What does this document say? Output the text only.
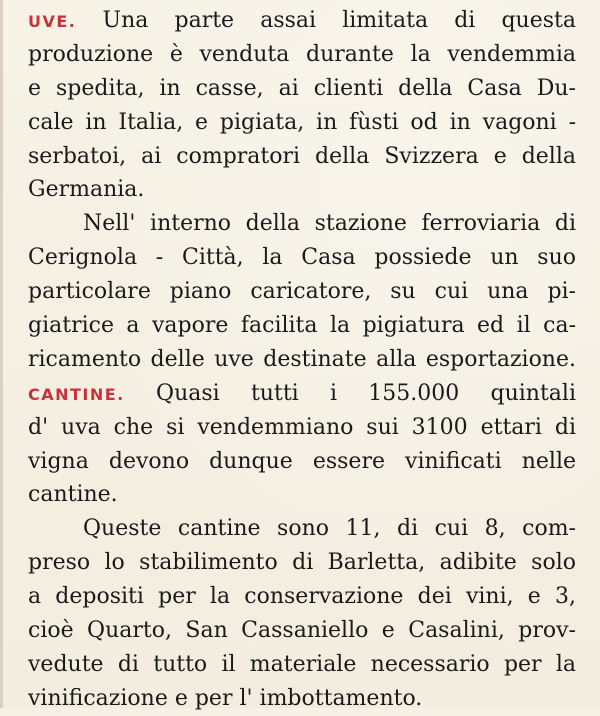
UVE. Una parte assai limitata di questa
produzione è venduta durante la vendemmia
e spedita, in casse, ai clienti della Casa Du-
cale in Italia, e pigiata, in fùsti od in vagoni -
serbatoi, ai compratori della Svizzera e della
Germania.
Nell' interno della stazione ferroviaria di
Cerignola - Città, la Casa possiede un suo
particolare piano caricatore, su cui una pi-
giatrice a vapore facilita la pigiatura ed il ca-
ricamento delle uve destinate alla esportazione.
CANTINE. Quasi tutti i 155.000 quintali
d' uva che si vendemmiano sui 3100 ettari di
vigna devono dunque essere vinificati nelle
cantine.
Queste cantine sono 11, di cui 8, com-
preso lo stabilimento di Barletta, adibite solo
a depositi per la conservazione dei vini, e 3,
cioè Quarto, San Cassaniello e Casalini, prov-
vedute di tutto il materiale necessario per la
vinificazione e per l' imbottamento.
